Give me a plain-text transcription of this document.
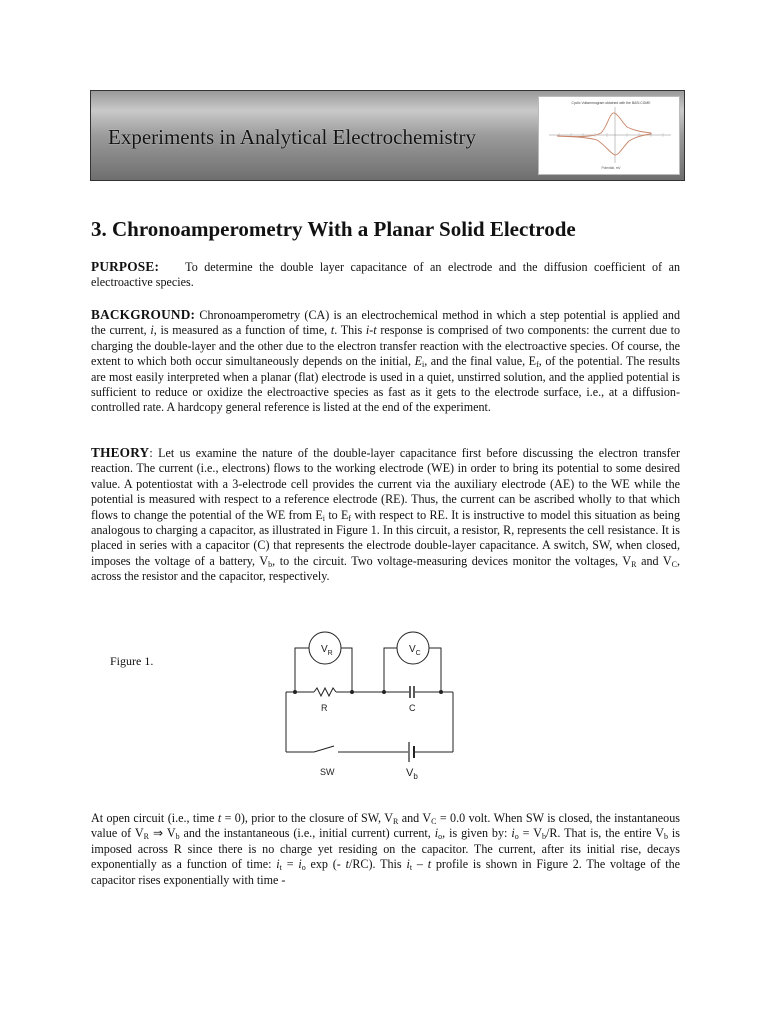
Experiments in Analytical Electrochemistry
Cyclic Voltammogram obtained with the BASi CGME
Potential, mV
3. Chronoamperometry With a Planar Solid Electrode

PURPOSE: To determine the double layer capacitance of an electrode and the diffusion coefficient of an electroactive species.

BACKGROUND: Chronoamperometry (CA) is an electrochemical method in which a step potential is applied and the current, i, is measured as a function of time, t. This i-t response is comprised of two components: the current due to charging the double-layer and the other due to the electron transfer reaction with the electroactive species. Of course, the extent to which both occur simultaneously depends on the initial, $E_i$, and the final value, $E_f$, of the potential. The results are most easily interpreted when a planar (flat) electrode is used in a quiet, unstirred solution, and the applied potential is sufficient to reduce or oxidize the electroactive species as fast as it gets to the electrode surface, i.e., at a diffusion-controlled rate. A hardcopy general reference is listed at the end of the experiment.

THEORY: Let us examine the nature of the double-layer capacitance first before discussing the electron transfer reaction. The current (i.e., electrons) flows to the working electrode (WE) in order to bring its potential to some desired value. A potentiostat with a 3-electrode cell provides the current via the auxiliary electrode (AE) to the WE while the potential is measured with respect to a reference electrode (RE). Thus, the current can be ascribed wholly to that which flows to change the potential of the WE from $E_i$ to $E_f$ with respect to RE. It is instructive to model this situation as being analogous to charging a capacitor, as illustrated in Figure 1. In this circuit, a resistor, R, represents the cell resistance. It is placed in series with a capacitor (C) that represents the electrode double-layer capacitance. A switch, SW, when closed, imposes the voltage of a battery, $V_b$, to the circuit. Two voltage-measuring devices monitor the voltages, $V_R$ and $V_C$, across the resistor and the capacitor, respectively.

Figure 1.
$V_R$	$V_C$
R	C
SW	$V_b$

At open circuit (i.e., time t = 0), prior to the closure of SW, $V_R$ and $V_C = 0.0$ volt. When SW is closed, the instantaneous value of $V_R$ ⇒ $V_b$ and the instantaneous (i.e., initial current) current, $i_o$, is given by: $i_o = V_b/R$. That is, the entire $V_b$ is imposed across R since there is no charge yet residing on the capacitor. The current, after its initial rise, decays exponentially as a function of time: $i_t = i_o$ exp (- t/RC). This $i_t$ – t profile is shown in Figure 2. The voltage of the capacitor rises exponentially with time -
